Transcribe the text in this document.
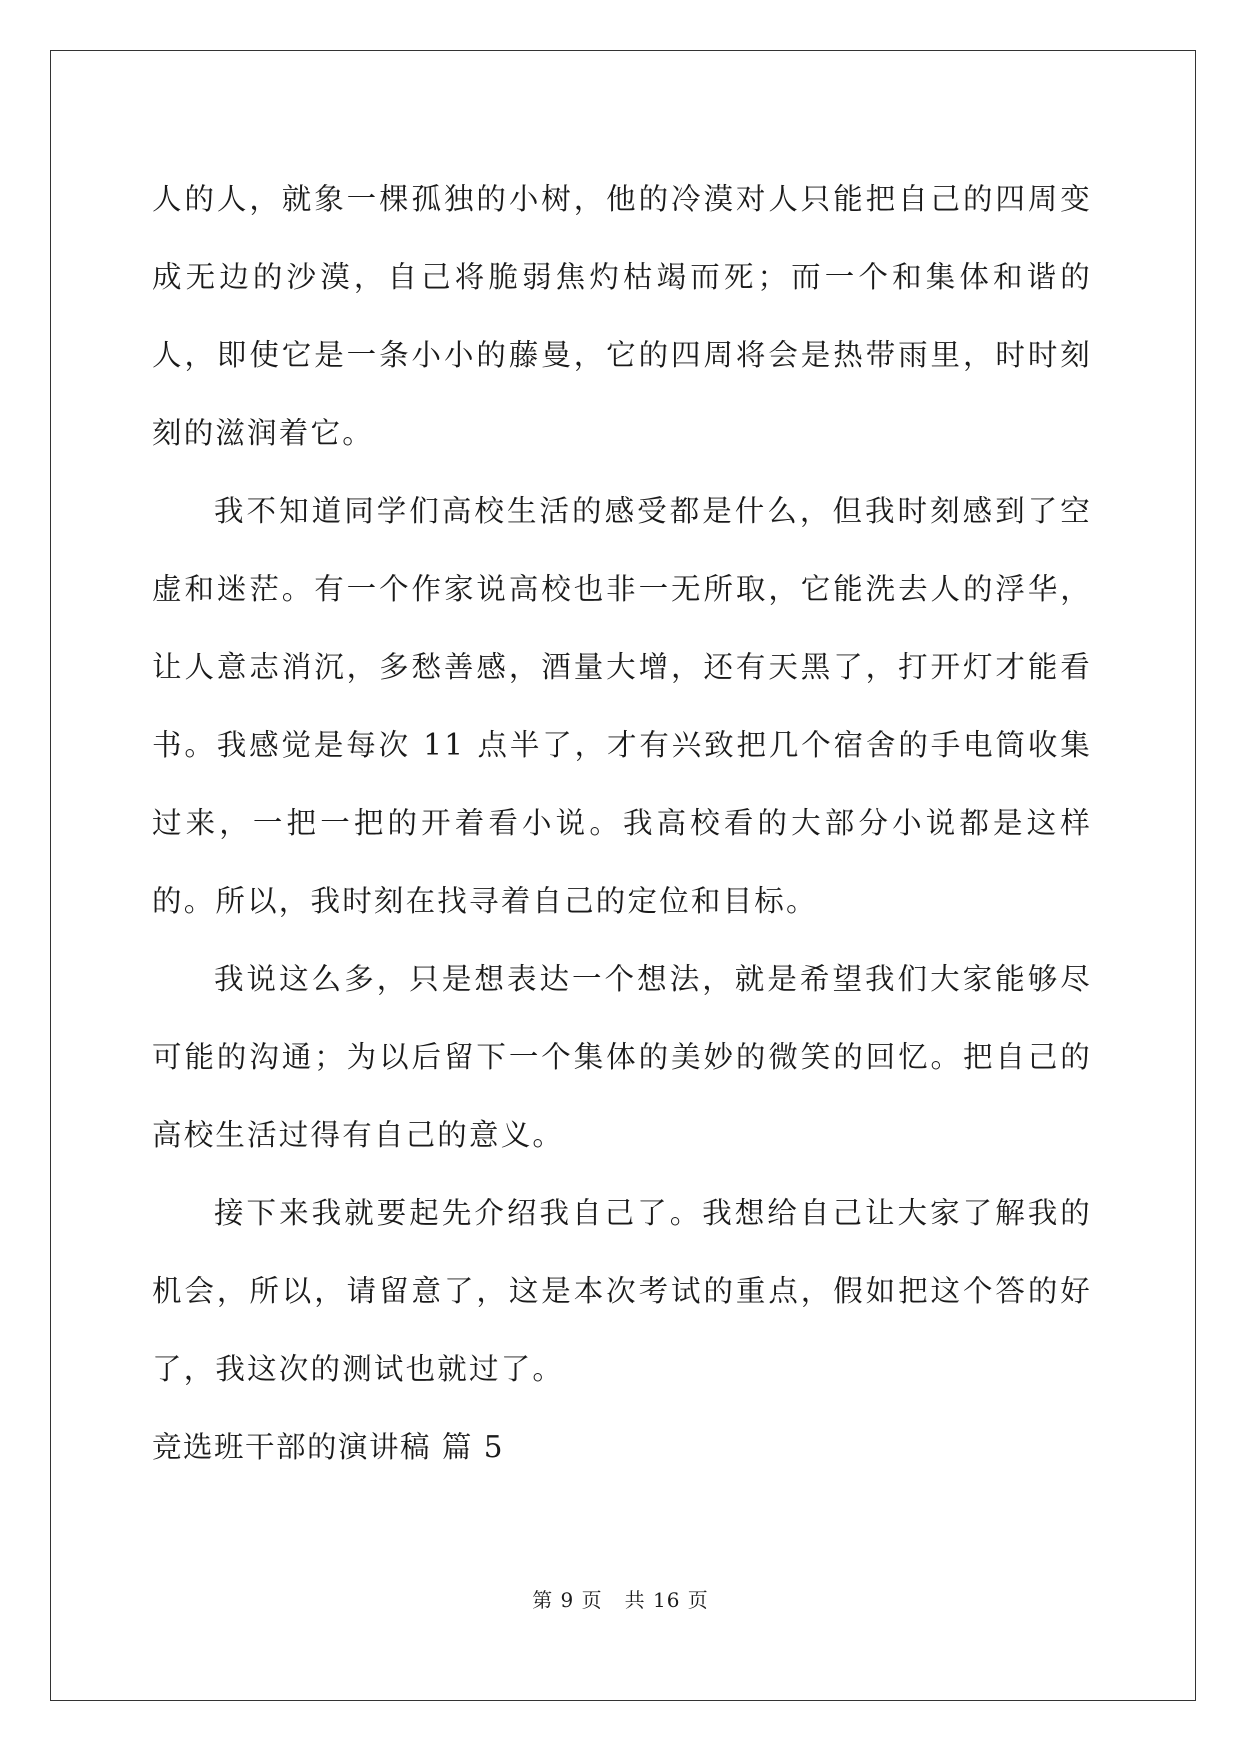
人的人，就象一棵孤独的小树，他的冷漠对人只能把自己的四周变成无边的沙漠，自己将脆弱焦灼枯竭而死；而一个和集体和谐的人，即使它是一条小小的藤曼，它的四周将会是热带雨里，时时刻刻的滋润着它。

我不知道同学们高校生活的感受都是什么，但我时刻感到了空虚和迷茫。有一个作家说高校也非一无所取，它能洗去人的浮华，让人意志消沉，多愁善感，酒量大增，还有天黑了，打开灯才能看书。我感觉是每次 11 点半了，才有兴致把几个宿舍的手电筒收集过来，一把一把的开着看小说。我高校看的大部分小说都是这样的。所以，我时刻在找寻着自己的定位和目标。

我说这么多，只是想表达一个想法，就是希望我们大家能够尽可能的沟通；为以后留下一个集体的美妙的微笑的回忆。把自己的高校生活过得有自己的意义。

接下来我就要起先介绍我自己了。我想给自己让大家了解我的机会，所以，请留意了，这是本次考试的重点，假如把这个答的好了，我这次的测试也就过了。

竞选班干部的演讲稿 篇 5

第 9 页 共 16 页
